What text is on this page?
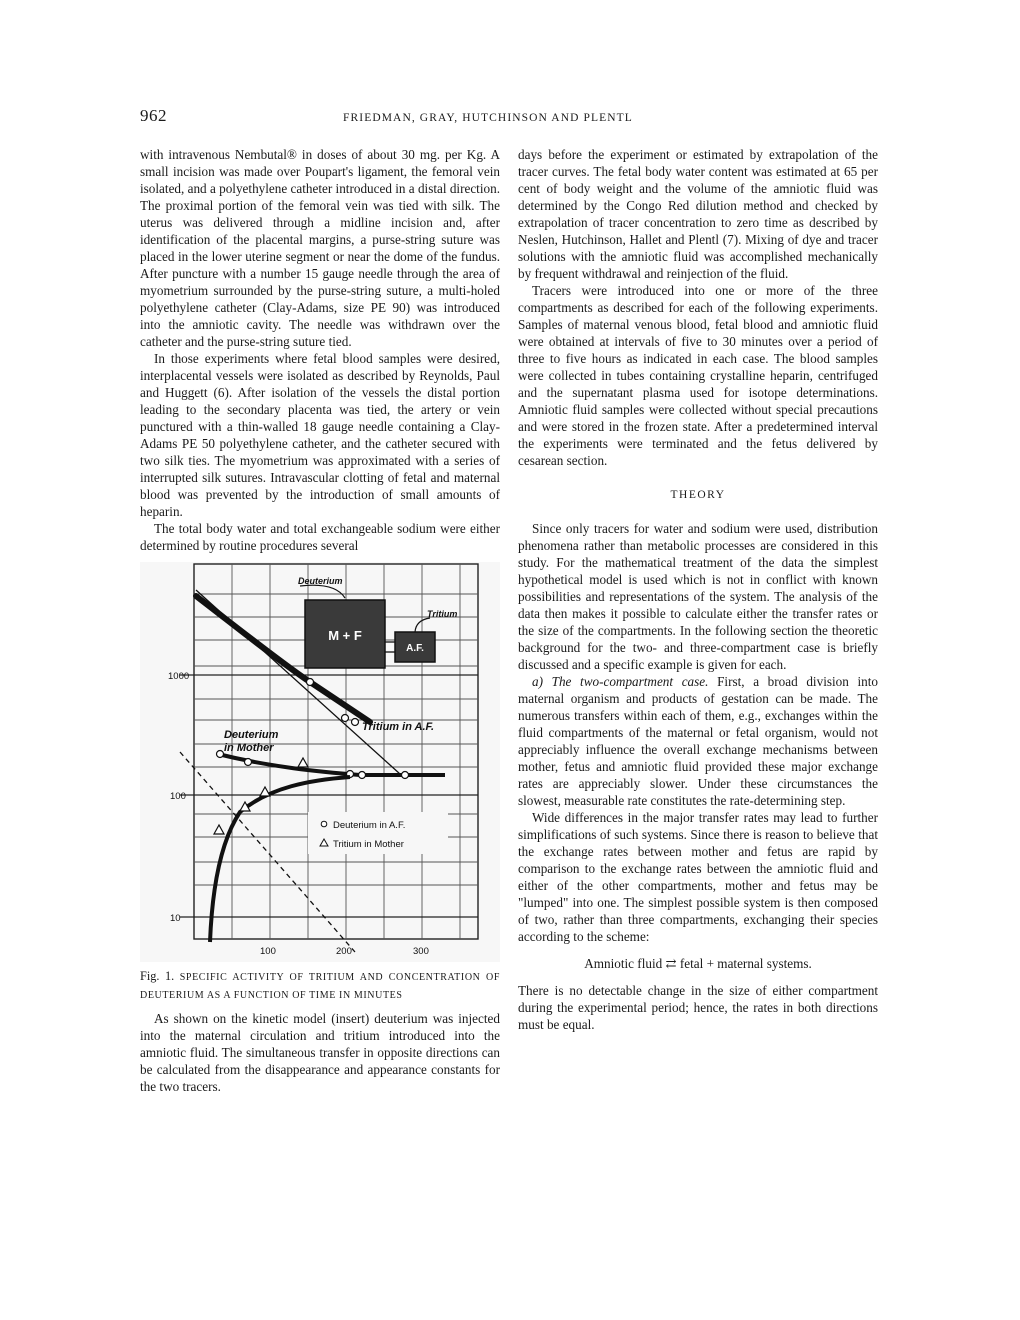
962	FRIEDMAN, GRAY, HUTCHINSON AND PLENTL

with intravenous Nembutal® in doses of about 30 mg. per Kg. A small incision was made over Poupart's ligament, the femoral vein isolated, and a polyethylene catheter introduced in a distal direction. The proximal portion of the femoral vein was tied with silk. The uterus was delivered through a midline incision and, after identification of the placental margins, a purse-string suture was placed in the lower uterine segment or near the dome of the fundus. After puncture with a number 15 gauge needle through the area of myometrium surrounded by the purse-string suture, a multi-holed polyethylene catheter (Clay-Adams, size PE 90) was introduced into the amniotic cavity. The needle was withdrawn over the catheter and the purse-string suture tied.

In those experiments where fetal blood samples were desired, interplacental vessels were isolated as described by Reynolds, Paul and Huggett (6). After isolation of the vessels the distal portion leading to the secondary placenta was tied, the artery or vein punctured with a thin-walled 18 gauge needle containing a Clay-Adams PE 50 polyethylene catheter, and the catheter secured with two silk ties. The myometrium was approximated with a series of interrupted silk sutures. Intravascular clotting of fetal and maternal blood was prevented by the introduction of small amounts of heparin.

The total body water and total exchangeable sodium were either determined by routine procedures several

Deuterium in A.F.
Tritium in Mother
M + F
A.F.
Deuterium
Tritium
Tritium in A.F.
Deuterium
in Mother
1000
100
10
100	200	300

Fig. 1. SPECIFIC ACTIVITY OF TRITIUM AND CONCENTRATION OF DEUTERIUM AS A FUNCTION OF TIME IN MINUTES

As shown on the kinetic model (insert) deuterium was injected into the maternal circulation and tritium introduced into the amniotic fluid. The simultaneous transfer in opposite directions can be calculated from the disappearance and appearance constants for the two tracers.

days before the experiment or estimated by extrapolation of the tracer curves. The fetal body water content was estimated at 65 per cent of body weight and the volume of the amniotic fluid was determined by the Congo Red dilution method and checked by extrapolation of tracer concentration to zero time as described by Neslen, Hutchinson, Hallet and Plentl (7). Mixing of dye and tracer solutions with the amniotic fluid was accomplished mechanically by frequent withdrawal and reinjection of the fluid.

Tracers were introduced into one or more of the three compartments as described for each of the following experiments. Samples of maternal venous blood, fetal blood and amniotic fluid were obtained at intervals of five to 30 minutes over a period of three to five hours as indicated in each case. The blood samples were collected in tubes containing crystalline heparin, centrifuged and the supernatant plasma used for isotope determinations. Amniotic fluid samples were collected without special precautions and were stored in the frozen state. After a predetermined interval the experiments were terminated and the fetus delivered by cesarean section.

THEORY

Since only tracers for water and sodium were used, distribution phenomena rather than metabolic processes are considered in this study. For the mathematical treatment of the data the simplest hypothetical model is used which is not in conflict with known possibilities and representations of the system. The analysis of the data then makes it possible to calculate either the transfer rates or the size of the compartments. In the following section the theoretic background for the two- and three-compartment case is briefly discussed and a specific example is given for each.

a) The two-compartment case. First, a broad division into maternal organism and products of gestation can be made. The numerous transfers within each of them, e.g., exchanges within the fluid compartments of the maternal or fetal organism, would not appreciably influence the overall exchange mechanisms between mother, fetus and amniotic fluid provided these major exchange rates are appreciably slower. Under these circumstances the slowest, measurable rate constitutes the rate-determining step.

Wide differences in the major transfer rates may lead to further simplifications of such systems. Since there is reason to believe that the exchange rates between mother and fetus are rapid by comparison to the exchange rates between the amniotic fluid and either of the other compartments, mother and fetus may be "lumped" into one. The simplest possible system is then composed of two, rather than three compartments, exchanging their species according to the scheme:

Amniotic fluid ⇄ fetal + maternal systems.

There is no detectable change in the size of either compartment during the experimental period; hence, the rates in both directions must be equal.
